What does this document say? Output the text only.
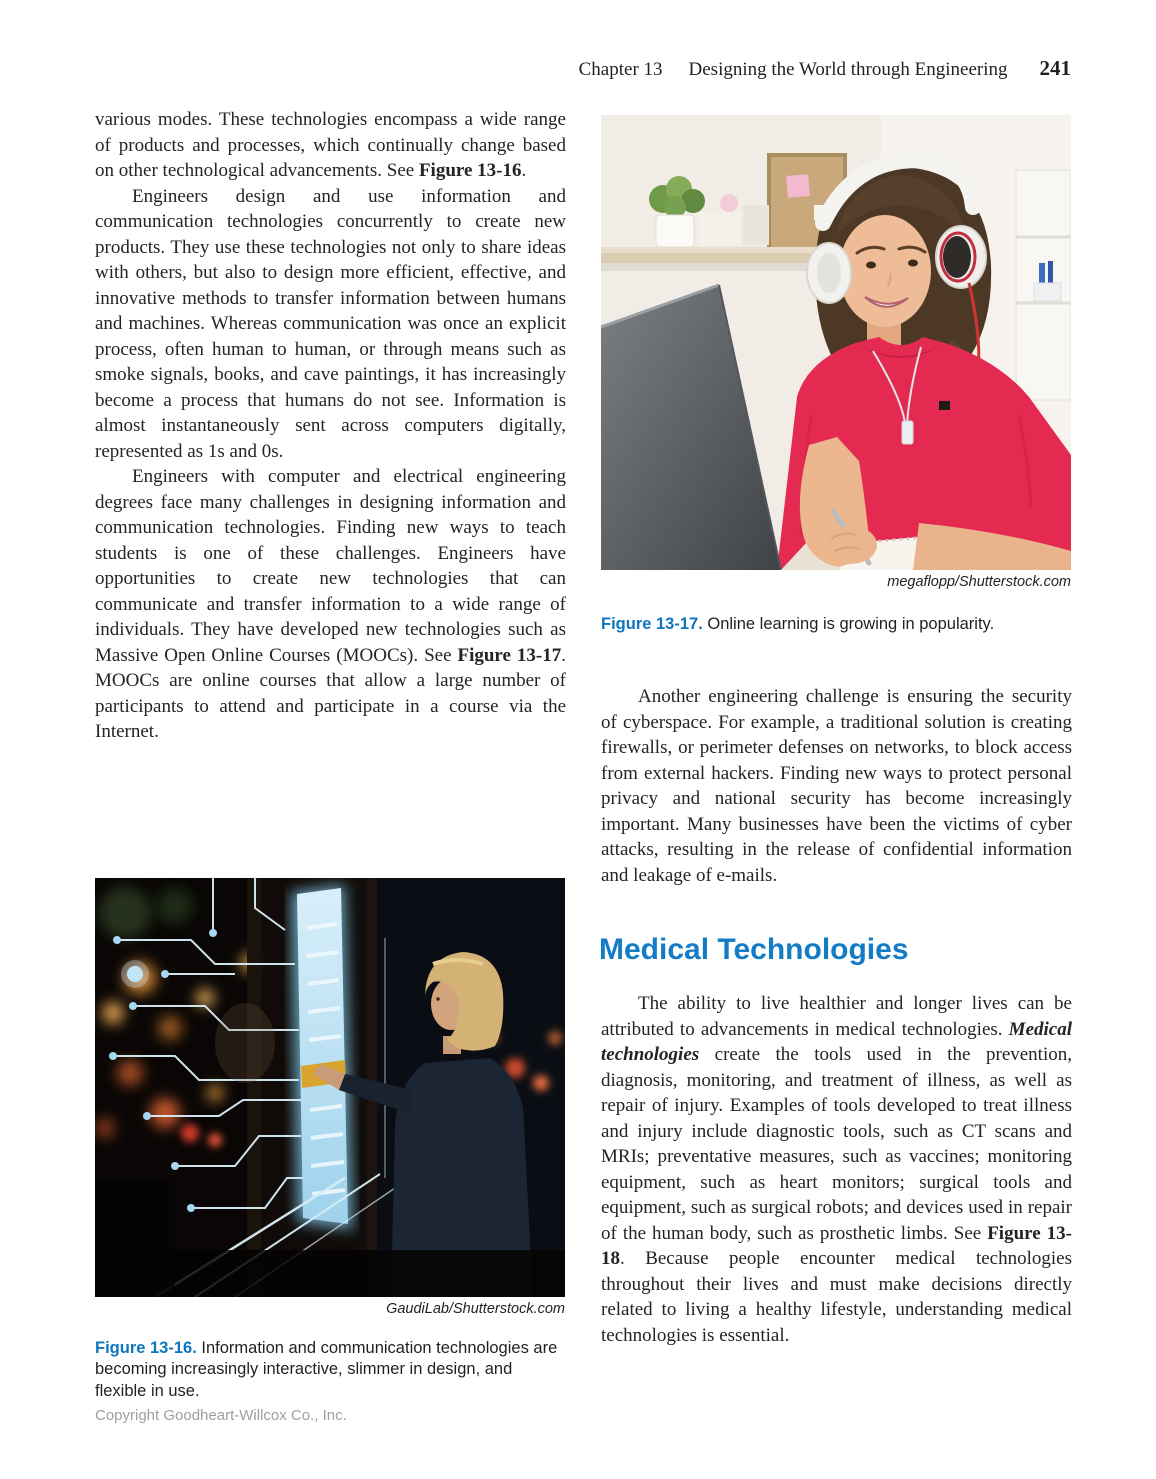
Chapter 13 Designing the World through Engineering 241

various modes. These technologies encompass a wide range of products and processes, which continually change based on other technological advancements. See Figure 13-16.

Engineers design and use information and communication technologies concurrently to create new products. They use these technologies not only to share ideas with others, but also to design more efficient, effective, and innovative methods to transfer information between humans and machines. Whereas communication was once an explicit process, often human to human, or through means such as smoke signals, books, and cave paintings, it has increasingly become a process that humans do not see. Information is almost instantaneously sent across computers digitally, represented as 1s and 0s.

Engineers with computer and electrical engineering degrees face many challenges in designing information and communication technologies. Finding new ways to teach students is one of these challenges. Engineers have opportunities to create new technologies that can communicate and transfer information to a wide range of individuals. They have developed new technologies such as Massive Open Online Courses (MOOCs). See Figure 13-17. MOOCs are online courses that allow a large number of participants to attend and participate in a course via the Internet.

megaflopp/Shutterstock.com

Figure 13-17. Online learning is growing in popularity.

Another engineering challenge is ensuring the security of cyberspace. For example, a traditional solution is creating firewalls, or perimeter defenses on networks, to block access from external hackers. Finding new ways to protect personal privacy and national security has become increasingly important. Many businesses have been the victims of cyber attacks, resulting in the release of confidential information and leakage of e-mails.

Medical Technologies

The ability to live healthier and longer lives can be attributed to advancements in medical technologies. Medical technologies create the tools used in the prevention, diagnosis, monitoring, and treatment of illness, as well as repair of injury. Examples of tools developed to treat illness and injury include diagnostic tools, such as CT scans and MRIs; preventative measures, such as vaccines; monitoring equipment, such as heart monitors; surgical tools and equipment, such as surgical robots; and devices used in repair of the human body, such as prosthetic limbs. See Figure 13-18. Because people encounter medical technologies throughout their lives and must make decisions directly related to living a healthy lifestyle, understanding medical technologies is essential.

GaudiLab/Shutterstock.com

Figure 13-16. Information and communication technologies are becoming increasingly interactive, slimmer in design, and flexible in use.

Copyright Goodheart-Willcox Co., Inc.
